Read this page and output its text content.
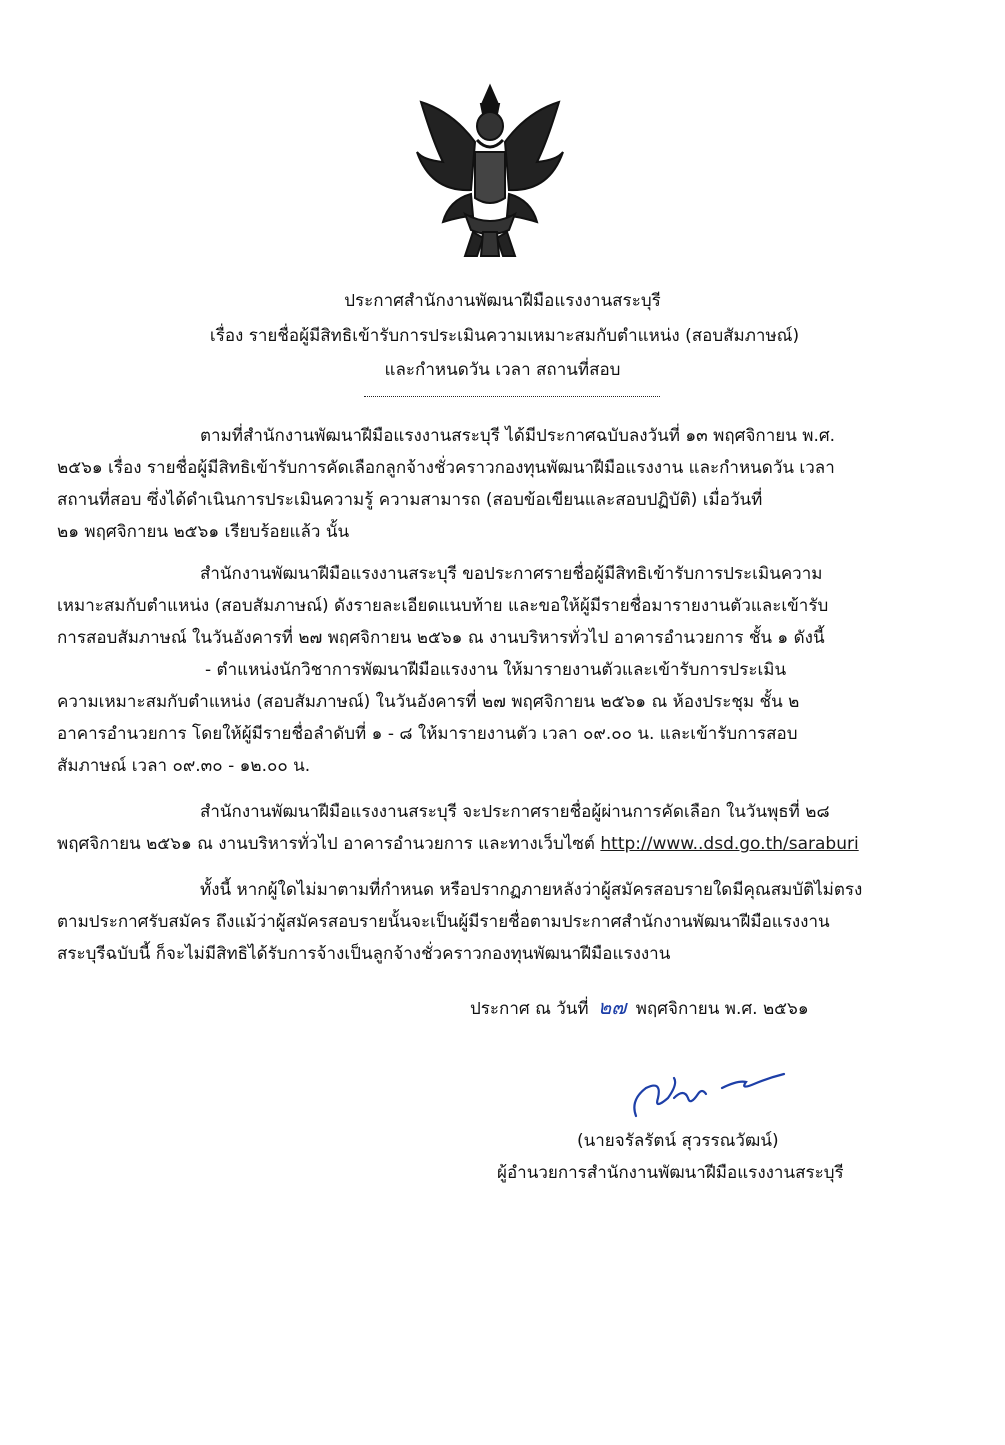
ประกาศสำนักงานพัฒนาฝีมือแรงงานสระบุรี
เรื่อง รายชื่อผู้มีสิทธิเข้ารับการประเมินความเหมาะสมกับตำแหน่ง (สอบสัมภาษณ์)
และกำหนดวัน เวลา สถานที่สอบ
ตามที่สำนักงานพัฒนาฝีมือแรงงานสระบุรี ได้มีประกาศฉบับลงวันที่ ๑๓ พฤศจิกายน พ.ศ.
๒๕๖๑ เรื่อง รายชื่อผู้มีสิทธิเข้ารับการคัดเลือกลูกจ้างชั่วคราวกองทุนพัฒนาฝีมือแรงงาน และกำหนดวัน เวลา
สถานที่สอบ ซึ่งได้ดำเนินการประเมินความรู้ ความสามารถ (สอบข้อเขียนและสอบปฏิบัติ) เมื่อวันที่
๒๑ พฤศจิกายน ๒๕๖๑ เรียบร้อยแล้ว นั้น
สำนักงานพัฒนาฝีมือแรงงานสระบุรี ขอประกาศรายชื่อผู้มีสิทธิเข้ารับการประเมินความ
เหมาะสมกับตำแหน่ง (สอบสัมภาษณ์) ดังรายละเอียดแนบท้าย และขอให้ผู้มีรายชื่อมารายงานตัวและเข้ารับ
การสอบสัมภาษณ์ ในวันอังคารที่ ๒๗ พฤศจิกายน ๒๕๖๑ ณ งานบริหารทั่วไป อาคารอำนวยการ ชั้น ๑ ดังนี้
- ตำแหน่งนักวิชาการพัฒนาฝีมือแรงงาน ให้มารายงานตัวและเข้ารับการประเมิน
ความเหมาะสมกับตำแหน่ง (สอบสัมภาษณ์) ในวันอังคารที่ ๒๗ พฤศจิกายน ๒๕๖๑ ณ ห้องประชุม ชั้น ๒
อาคารอำนวยการ โดยให้ผู้มีรายชื่อลำดับที่ ๑ - ๘ ให้มารายงานตัว เวลา ๐๙.๐๐ น. และเข้ารับการสอบ
สัมภาษณ์ เวลา ๐๙.๓๐ - ๑๒.๐๐ น.
สำนักงานพัฒนาฝีมือแรงงานสระบุรี จะประกาศรายชื่อผู้ผ่านการคัดเลือก ในวันพุธที่ ๒๘
พฤศจิกายน ๒๕๖๑ ณ งานบริหารทั่วไป อาคารอำนวยการ และทางเว็บไซต์ http://www..dsd.go.th/saraburi
ทั้งนี้ หากผู้ใดไม่มาตามที่กำหนด หรือปรากฏภายหลังว่าผู้สมัครสอบรายใดมีคุณสมบัติไม่ตรง
ตามประกาศรับสมัคร ถึงแม้ว่าผู้สมัครสอบรายนั้นจะเป็นผู้มีรายชื่อตามประกาศสำนักงานพัฒนาฝีมือแรงงาน
สระบุรีฉบับนี้ ก็จะไม่มีสิทธิได้รับการจ้างเป็นลูกจ้างชั่วคราวกองทุนพัฒนาฝีมือแรงงาน
ประกาศ ณ วันที่ ๒๗ พฤศจิกายน พ.ศ. ๒๕๖๑
(นายจรัลรัตน์ สุวรรณวัฒน์)
ผู้อำนวยการสำนักงานพัฒนาฝีมือแรงงานสระบุรี
